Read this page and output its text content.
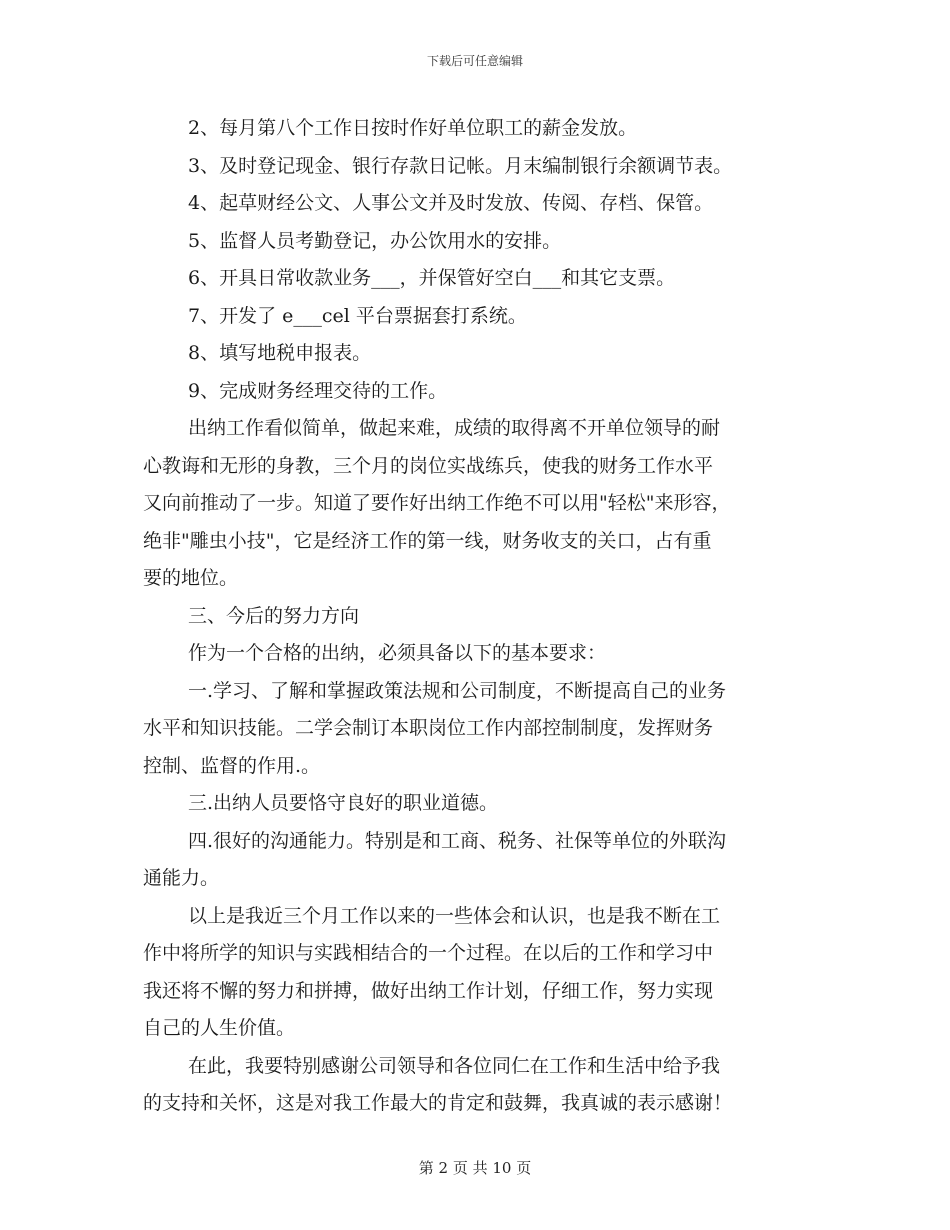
下载后可任意编辑
2、每月第八个工作日按时作好单位职工的薪金发放。
3、及时登记现金、银行存款日记帐。月末编制银行余额调节表。
4、起草财经公文、人事公文并及时发放、传阅、存档、保管。
5、监督人员考勤登记，办公饮用水的安排。
6、开具日常收款业务___，并保管好空白___和其它支票。
7、开发了 e___cel 平台票据套打系统。
8、填写地税申报表。
9、完成财务经理交待的工作。
出纳工作看似简单，做起来难，成绩的取得离不开单位领导的耐
心教诲和无形的身教，三个月的岗位实战练兵，使我的财务工作水平
又向前推动了一步。知道了要作好出纳工作绝不可以用"轻松"来形容，
绝非"雕虫小技"，它是经济工作的第一线，财务收支的关口，占有重
要的地位。
三、今后的努力方向
作为一个合格的出纳，必须具备以下的基本要求：
一.学习、了解和掌握政策法规和公司制度，不断提高自己的业务
水平和知识技能。二学会制订本职岗位工作内部控制制度，发挥财务
控制、监督的作用.。
三.出纳人员要恪守良好的职业道德。
四.很好的沟通能力。特别是和工商、税务、社保等单位的外联沟
通能力。
以上是我近三个月工作以来的一些体会和认识，也是我不断在工
作中将所学的知识与实践相结合的一个过程。在以后的工作和学习中
我还将不懈的努力和拼搏，做好出纳工作计划，仔细工作，努力实现
自己的人生价值。
在此，我要特别感谢公司领导和各位同仁在工作和生活中给予我
的支持和关怀，这是对我工作最大的肯定和鼓舞，我真诚的表示感谢！
第 2 页 共 10 页
